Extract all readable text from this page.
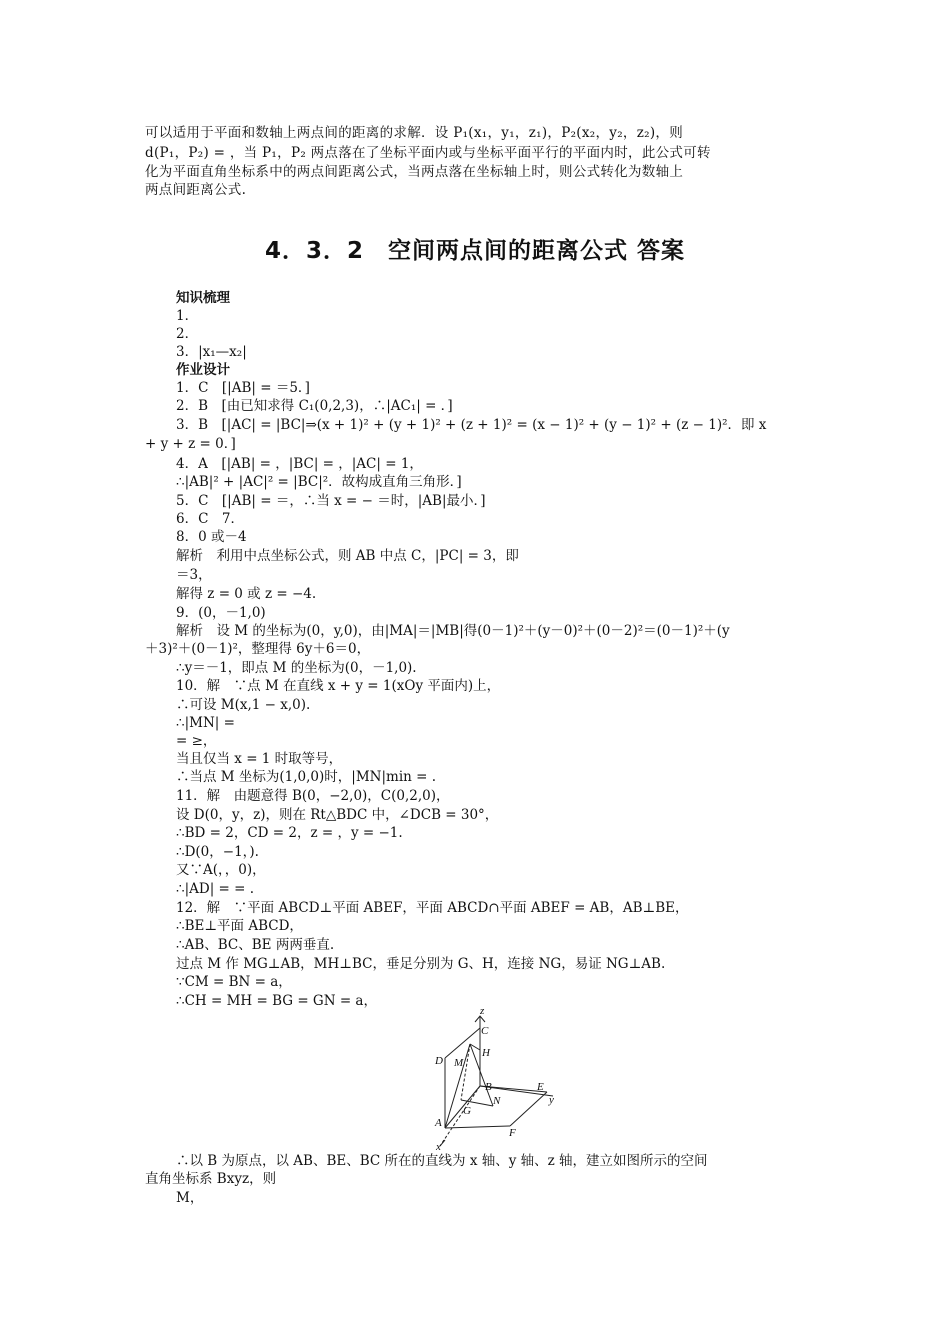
可以适用于平面和数轴上两点间的距离的求解．设 P₁(x₁，y₁，z₁)，P₂(x₂，y₂，z₂)，则
d(P₁，P₂) = ，当 P₁，P₂ 两点落在了坐标平面内或与坐标平面平行的平面内时，此公式可转
化为平面直角坐标系中的两点间距离公式，当两点落在坐标轴上时，则公式转化为数轴上
两点间距离公式.
4．3．2　空间两点间的距离公式 答案
知识梳理
1．
2．
3．|x₁—x₂|
作业设计
1．C　[|AB| = ＝5．]
2．B　[由已知求得 C₁(0,2,3)，∴|AC₁| = ．]
3．B　[|AC| = |BC|⇒(x + 1)² + (y + 1)² + (z + 1)² = (x − 1)² + (y − 1)² + (z − 1)²．即 x
+ y + z = 0．]
4．A　[|AB| = ，|BC| = ，|AC| = 1，
∴|AB|² + |AC|² = |BC|²．故构成直角三角形．]
5．C　[|AB| = ＝，∴当 x = − ＝时，|AB|最小．]
6．C　7．
8．0 或－4
解析　利用中点坐标公式，则 AB 中点 C，|PC| = 3，即
＝3，
解得 z = 0 或 z = −4.
9．(0，－1,0)
解析　设 M 的坐标为(0，y,0)，由|MA|＝|MB|得(0－1)²＋(y－0)²＋(0－2)²＝(0－1)²＋(y
＋3)²＋(0－1)²，整理得 6y＋6＝0，
∴y＝－1，即点 M 的坐标为(0，－1,0).
10．解　∵点 M 在直线 x + y = 1(xOy 平面内)上，
∴可设 M(x,1 − x,0).
∴|MN| =
= ≥，
当且仅当 x = 1 时取等号，
∴当点 M 坐标为(1,0,0)时，|MN|min = .
11．解　由题意得 B(0，−2,0)，C(0,2,0)，
设 D(0，y，z)，则在 Rt△BDC 中，∠DCB = 30°，
∴BD = 2，CD = 2，z = ，y = −1.
∴D(0，−1，).
又∵A(，，0)，
∴|AD| = = .
12．解　∵平面 ABCD⊥平面 ABEF，平面 ABCD∩平面 ABEF = AB，AB⊥BE，
∴BE⊥平面 ABCD，
∴AB、BC、BE 两两垂直.
过点 M 作 MG⊥AB，MH⊥BC，垂足分别为 G、H，连接 NG，易证 NG⊥AB.
∵CM = BN = a，
∴CH = MH = BG = GN = a，
z
C
H
D M
B	E
y
N
G
A
F
x
∴以 B 为原点，以 AB、BE、BC 所在的直线为 x 轴、y 轴、z 轴，建立如图所示的空间
直角坐标系 Bxyz，则
M，
